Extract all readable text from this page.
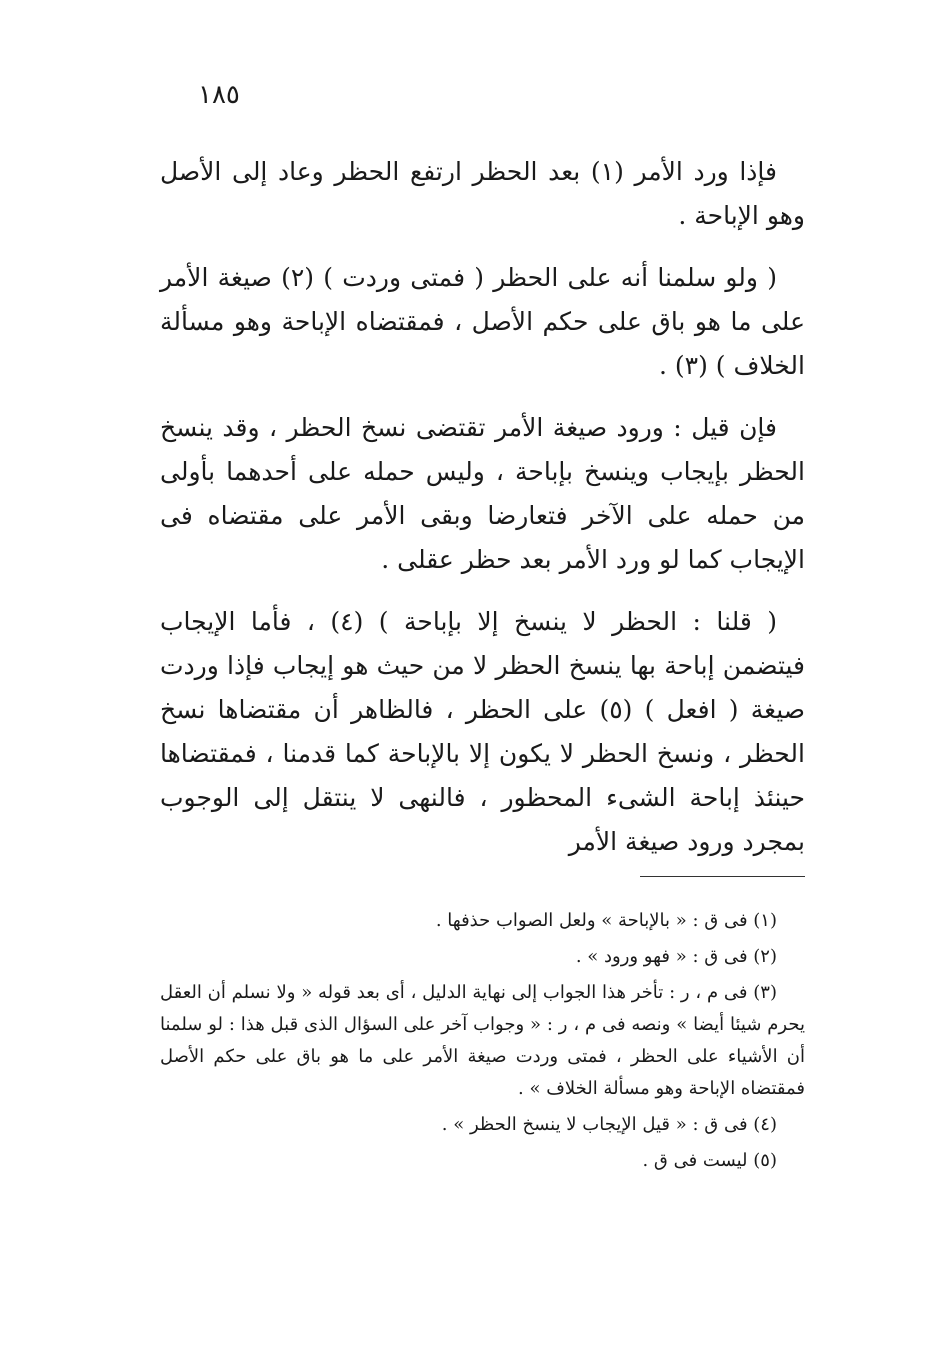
١٨٥

فإذا ورد الأمر (١) بعد الحظر ارتفع الحظر وعاد إلى الأصل وهو الإباحة .

( ولو سلمنا أنه على الحظر ( فمتى وردت ) (٢) صيغة الأمر على ما هو باق على حكم الأصل ، فمقتضاه الإباحة وهو مسألة الخلاف ) (٣) .

فإن قيل : ورود صيغة الأمر تقتضى نسخ الحظر ، وقد ينسخ الحظر بإيجاب وينسخ بإباحة ، وليس حمله على أحدهما بأولى من حمله على الآخر فتعارضا وبقى الأمر على مقتضاه فى الإيجاب كما لو ورد الأمر بعد حظر عقلى .

( قلنا : الحظر لا ينسخ إلا بإباحة ) (٤) ، فأما الإيجاب فيتضمن إباحة بها ينسخ الحظر لا من حيث هو إيجاب فإذا وردت صيغة ( افعل ) (٥) على الحظر ، فالظاهر أن مقتضاها نسخ الحظر ، ونسخ الحظر لا يكون إلا بالإباحة كما قدمنا ، فمقتضاها حينئذ إباحة الشىء المحظور ، فالنهى لا ينتقل إلى الوجوب بمجرد ورود صيغة الأمر

(١) فى ق : « بالإباحة » ولعل الصواب حذفها .

(٢) فى ق : « فهو ورود » .

(٣) فى م ، ر : تأخر هذا الجواب إلى نهاية الدليل ، أى بعد قوله « ولا نسلم أن العقل يحرم شيئا أيضا » ونصه فى م ، ر : « وجواب آخر على السؤال الذى قبل هذا : لو سلمنا أن الأشياء على الحظر ، فمتى وردت صيغة الأمر على ما هو باق على حكم الأصل فمقتضاه الإباحة وهو مسألة الخلاف » .

(٤) فى ق : « قيل الإيجاب لا ينسخ الحظر » .

(٥) ليست فى ق .
